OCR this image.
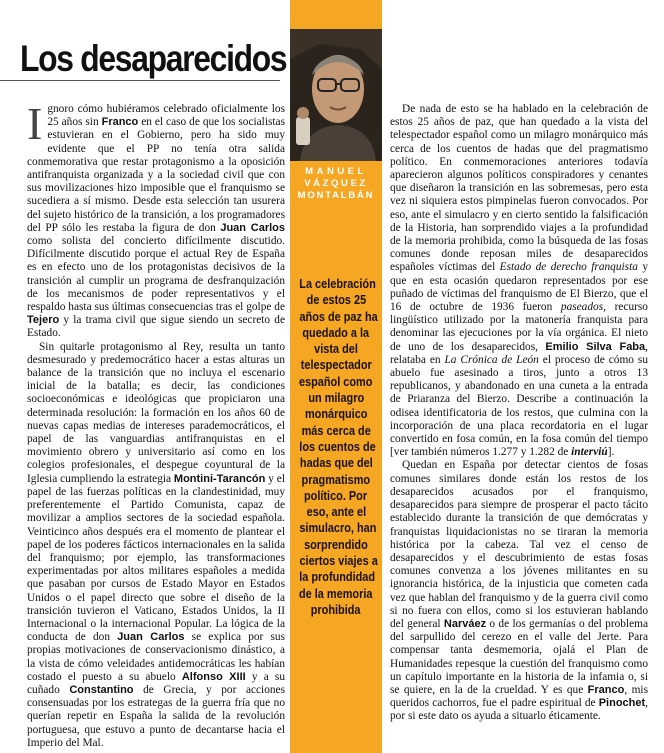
Los desaparecidos

Ignoro cómo hubiéramos celebrado oficialmente los 25 años sin Franco en el caso de que los socialistas estuvieran en el Gobierno, pero ha sido muy evidente que el PP no tenía otra salida conmemorativa que restar protagonismo a la oposición antifranquista organizada y a la sociedad civil que con sus movilizaciones hizo imposible que el franquismo se sucediera a sí mismo. Desde esta selección tan usurera del sujeto histórico de la transición, a los programadores del PP sólo les restaba la figura de don Juan Carlos como solista del concierto difícilmente discutido. Difícilmente discutido porque el actual Rey de España es en efecto uno de los protagonistas decisivos de la transición al cumplir un programa de desfranquización de los mecanismos de poder representativos y el respaldo hasta sus últimas consecuencias tras el golpe de Tejero y la trama civil que sigue siendo un secreto de Estado.

Sin quitarle protagonismo al Rey, resulta un tanto desmesurado y predemocrático hacer a estas alturas un balance de la transición que no incluya el escenario inicial de la batalla; es decir, las condiciones socioeconómicas e ideológicas que propiciaron una determinada resolución: la formación en los años 60 de nuevas capas medias de intereses parademocráticos, el papel de las vanguardias antifranquistas en el movimiento obrero y universitario así como en los colegios profesionales, el despegue coyuntural de la Iglesia cumpliendo la estrategia Montini-Tarancón y el papel de las fuerzas políticas en la clandestinidad, muy preferentemente el Partido Comunista, capaz de movilizar a amplios sectores de la sociedad española. Veinticinco años después era el momento de plantear el papel de los poderes fácticos internacionales en la salida del franquismo; por ejemplo, las transformaciones experimentadas por altos militares españoles a medida que pasaban por cursos de Estado Mayor en Estados Unidos o el papel directo que sobre el diseño de la transición tuvieron el Vaticano, Estados Unidos, la II Internacional o la internacional Popular. La lógica de la conducta de don Juan Carlos se explica por sus propias motivaciones de conservacionismo dinástico, a la vista de cómo veleidades antidemocráticas les habían costado el puesto a su abuelo Alfonso XIII y a su cuñado Constantino de Grecia, y por acciones consensuadas por los estrategas de la guerra fría que no querían repetir en España la salida de la revolución portuguesa, que estuvo a punto de decantarse hacia el Imperio del Mal.

MANUEL
VÁZQUEZ
MONTALBÁN
La celebración
de estos 25
años de paz ha
quedado a la
vista del
telespectador
español como
un milagro
monárquico
más cerca de
los cuentos de
hadas que del
pragmatismo
político. Por
eso, ante el
simulacro, han
sorprendido
ciertos viajes a
la profundidad
de la memoria
prohibida

De nada de esto se ha hablado en la celebración de estos 25 años de paz, que han quedado a la vista del telespectador español como un milagro monárquico más cerca de los cuentos de hadas que del pragmatismo político. En conmemoraciones anteriores todavía aparecieron algunos políticos conspiradores y cenantes que diseñaron la transición en las sobremesas, pero esta vez ni siquiera estos pimpinelas fueron convocados. Por eso, ante el simulacro y en cierto sentido la falsificación de la Historia, han sorprendido viajes a la profundidad de la memoria prohibida, como la búsqueda de las fosas comunes donde reposan miles de desaparecidos españoles víctimas del Estado de derecho franquista y que en esta ocasión quedaron representados por ese puñado de víctimas del franquismo de El Bierzo, que el 16 de octubre de 1936 fueron paseados, recurso lingüístico utilizado por la matonería franquista para denominar las ejecuciones por la vía orgánica. El nieto de uno de los desaparecidos, Emilio Silva Faba, relataba en La Crónica de León el proceso de cómo su abuelo fue asesinado a tiros, junto a otros 13 republicanos, y abandonado en una cuneta a la entrada de Priaranza del Bierzo. Describe a continuación la odisea identificatoria de los restos, que culmina con la incorporación de una placa recordatoria en el lugar convertido en fosa común, en la fosa común del tiempo [ver también números 1.277 y 1.282 de interviú].

Quedan en España por detectar cientos de fosas comunes similares donde están los restos de los desaparecidos acusados por el franquismo, desaparecidos para siempre de prosperar el pacto tácito establecido durante la transición de que demócratas y franquistas liquidacionistas no se tiraran la memoria histórica por la cabeza. Tal vez el censo de desaparecidos y el descubrimiento de estas fosas comunes convenza a los jóvenes militantes en su ignorancia histórica, de la injusticia que cometen cada vez que hablan del franquismo y de la guerra civil como si no fuera con ellos, como si los estuvieran hablando del general Narváez o de los germanías o del problema del sarpullido del cerezo en el valle del Jerte. Para compensar tanta desmemoria, ojalá el Plan de Humanidades repesque la cuestión del franquismo como un capítulo importante en la historia de la infamia o, si se quiere, en la de la crueldad. Y es que Franco, mis queridos cachorros, fue el padre espiritual de Pinochet, por si este dato os ayuda a situarlo éticamente.
